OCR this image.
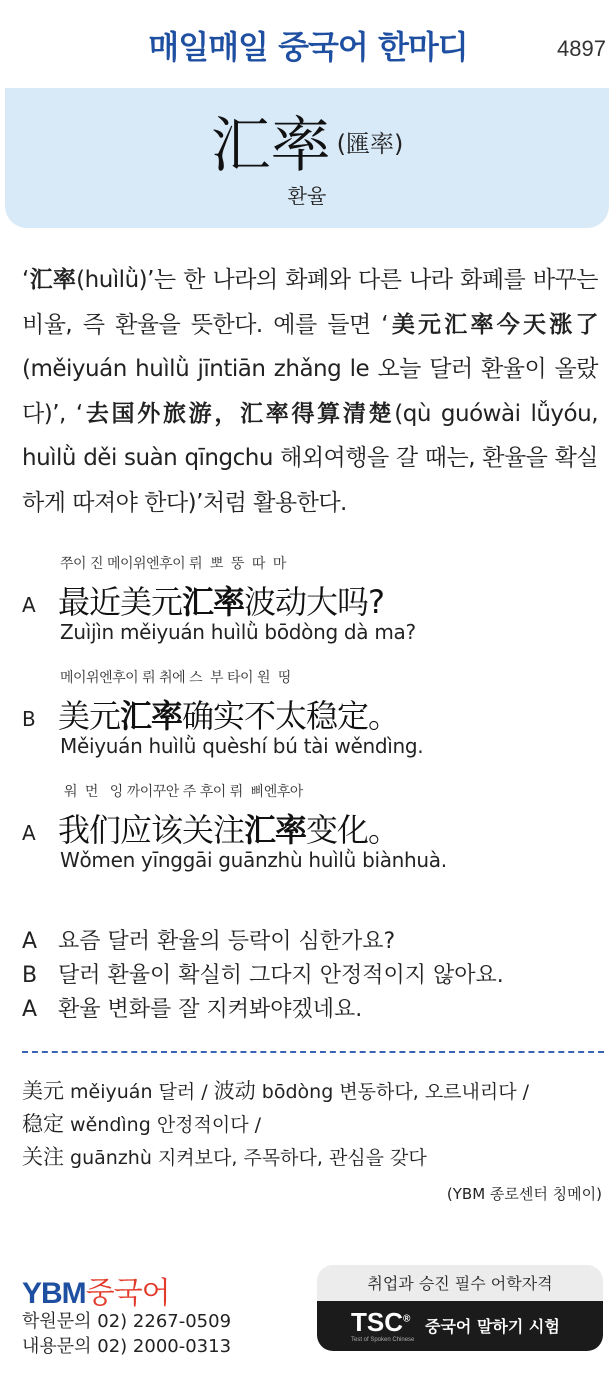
매일매일 중국어 한마디	4897
汇率 (匯率)
환율
‘汇率(huìlǜ)’는 한 나라의 화폐와 다른 나라 화폐를 바꾸는 비율, 즉 환율을 뜻한다. 예를 들면 ‘美元汇率今天涨了(měiyuán huìlǜ jīntiān zhǎng le 오늘 달러 환율이 올랐다)’, ‘去国外旅游，汇率得算清楚(qù guówài lǚyóu, huìlǜ děi suàn qīngchu 해외여행을 갈 때는, 환율을 확실하게 따져야 한다)’처럼 활용한다.
쭈이 진 메이위엔후이 뤼  뽀  뚱  따  마
A 最近美元汇率波动大吗?
Zuìjìn měiyuán huìlǜ bōdòng dà ma?
메이위엔후이 뤼 취에 스  부 타이 원  띵
B 美元汇率确实不太稳定。
Měiyuán huìlǜ quèshí bú tài wěndìng.
워  먼   잉 까이꾸안 주 후이 뤼  삐엔후아
A 我们应该关注汇率变化。
Wǒmen yīnggāi guānzhù huìlǜ biànhuà.
A 요즘 달러 환율의 등락이 심한가요?
B 달러 환율이 확실히 그다지 안정적이지 않아요.
A 환율 변화를 잘 지켜봐야겠네요.
美元 měiyuán 달러 / 波动 bōdòng 변동하다, 오르내리다 /
稳定 wěndìng 안정적이다 /
关注 guānzhù 지켜보다, 주목하다, 관심을 갖다
(YBM 종로센터 칭메이)
YBM중국어
학원문의 02) 2267-0509
내용문의 02) 2000-0313
취업과 승진 필수 어학자격
TSC®
Test of Spoken Chinese
중국어 말하기 시험
